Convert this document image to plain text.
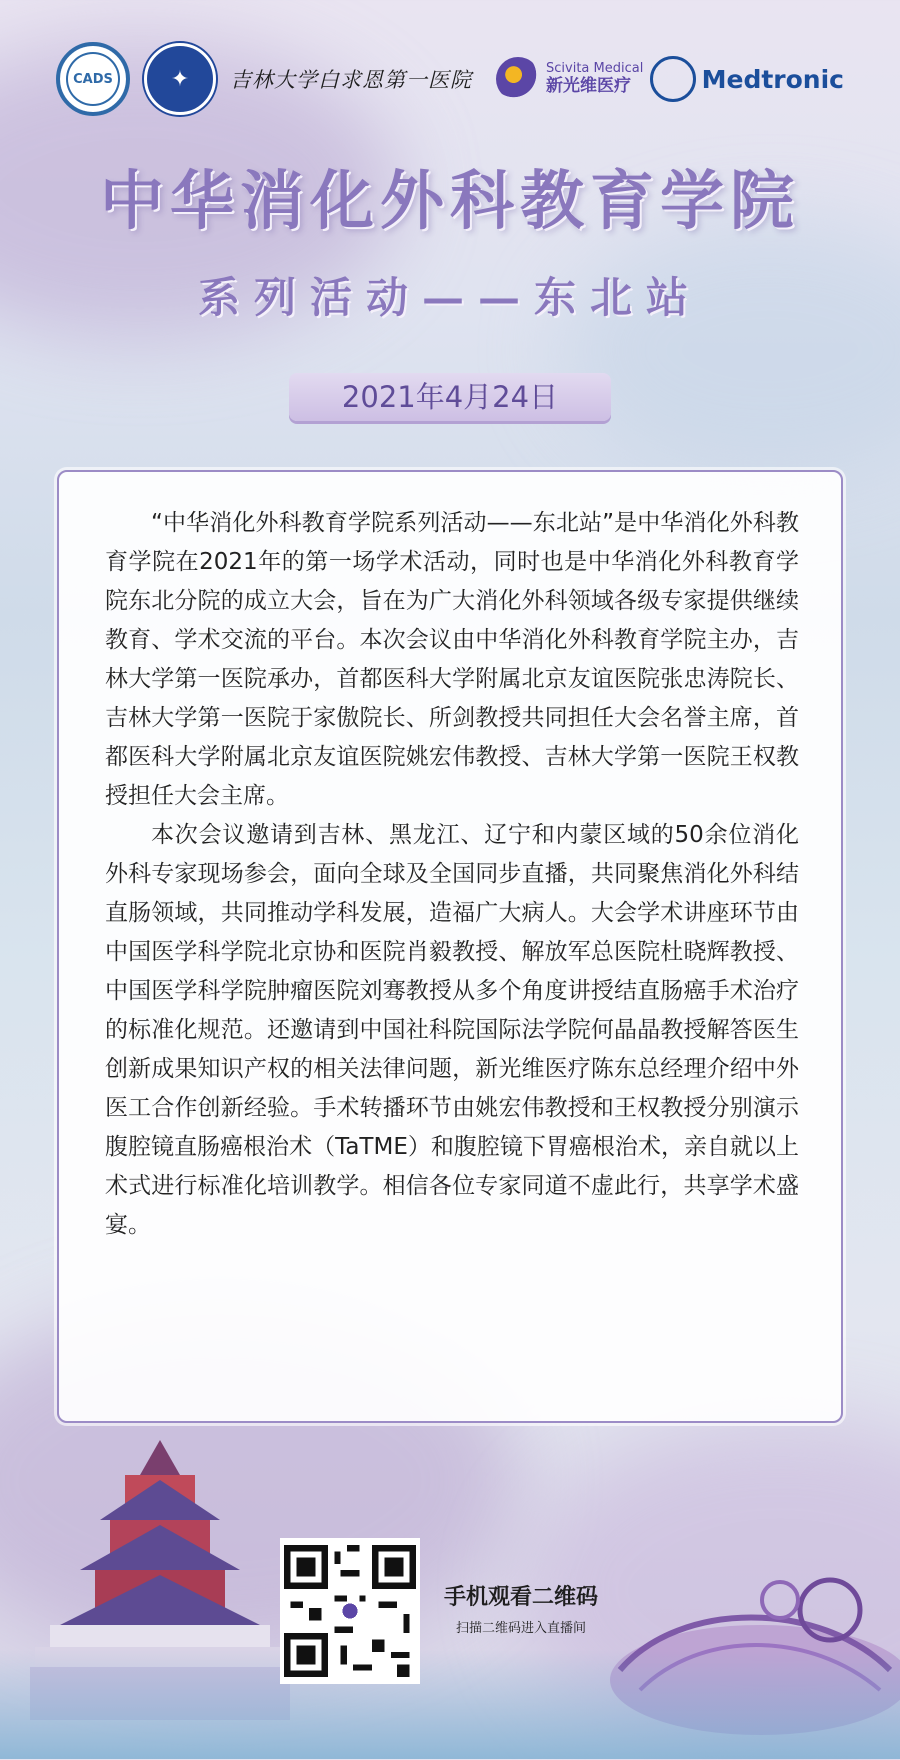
CADS	✦	吉林大学白求恩第一医院	Scivita Medical
新光维医疗	Medtronic
中华消化外科教育学院
系列活动——东北站
2021年4月24日

“中华消化外科教育学院系列活动——东北站”是中华消化外科教育学院在2021年的第一场学术活动，同时也是中华消化外科教育学院东北分院的成立大会，旨在为广大消化外科领域各级专家提供继续教育、学术交流的平台。本次会议由中华消化外科教育学院主办，吉林大学第一医院承办，首都医科大学附属北京友谊医院张忠涛院长、吉林大学第一医院于家傲院长、所剑教授共同担任大会名誉主席，首都医科大学附属北京友谊医院姚宏伟教授、吉林大学第一医院王权教授担任大会主席。

本次会议邀请到吉林、黑龙江、辽宁和内蒙区域的50余位消化外科专家现场参会，面向全球及全国同步直播，共同聚焦消化外科结直肠领域，共同推动学科发展，造福广大病人。大会学术讲座环节由中国医学科学院北京协和医院肖毅教授、解放军总医院杜晓辉教授、中国医学科学院肿瘤医院刘骞教授从多个角度讲授结直肠癌手术治疗的标准化规范。还邀请到中国社科院国际法学院何晶晶教授解答医生创新成果知识产权的相关法律问题，新光维医疗陈东总经理介绍中外医工合作创新经验。手术转播环节由姚宏伟教授和王权教授分别演示腹腔镜直肠癌根治术（TaTME）和腹腔镜下胃癌根治术，亲自就以上术式进行标准化培训教学。相信各位专家同道不虚此行，共享学术盛宴。

手机观看二维码
扫描二维码进入直播间
